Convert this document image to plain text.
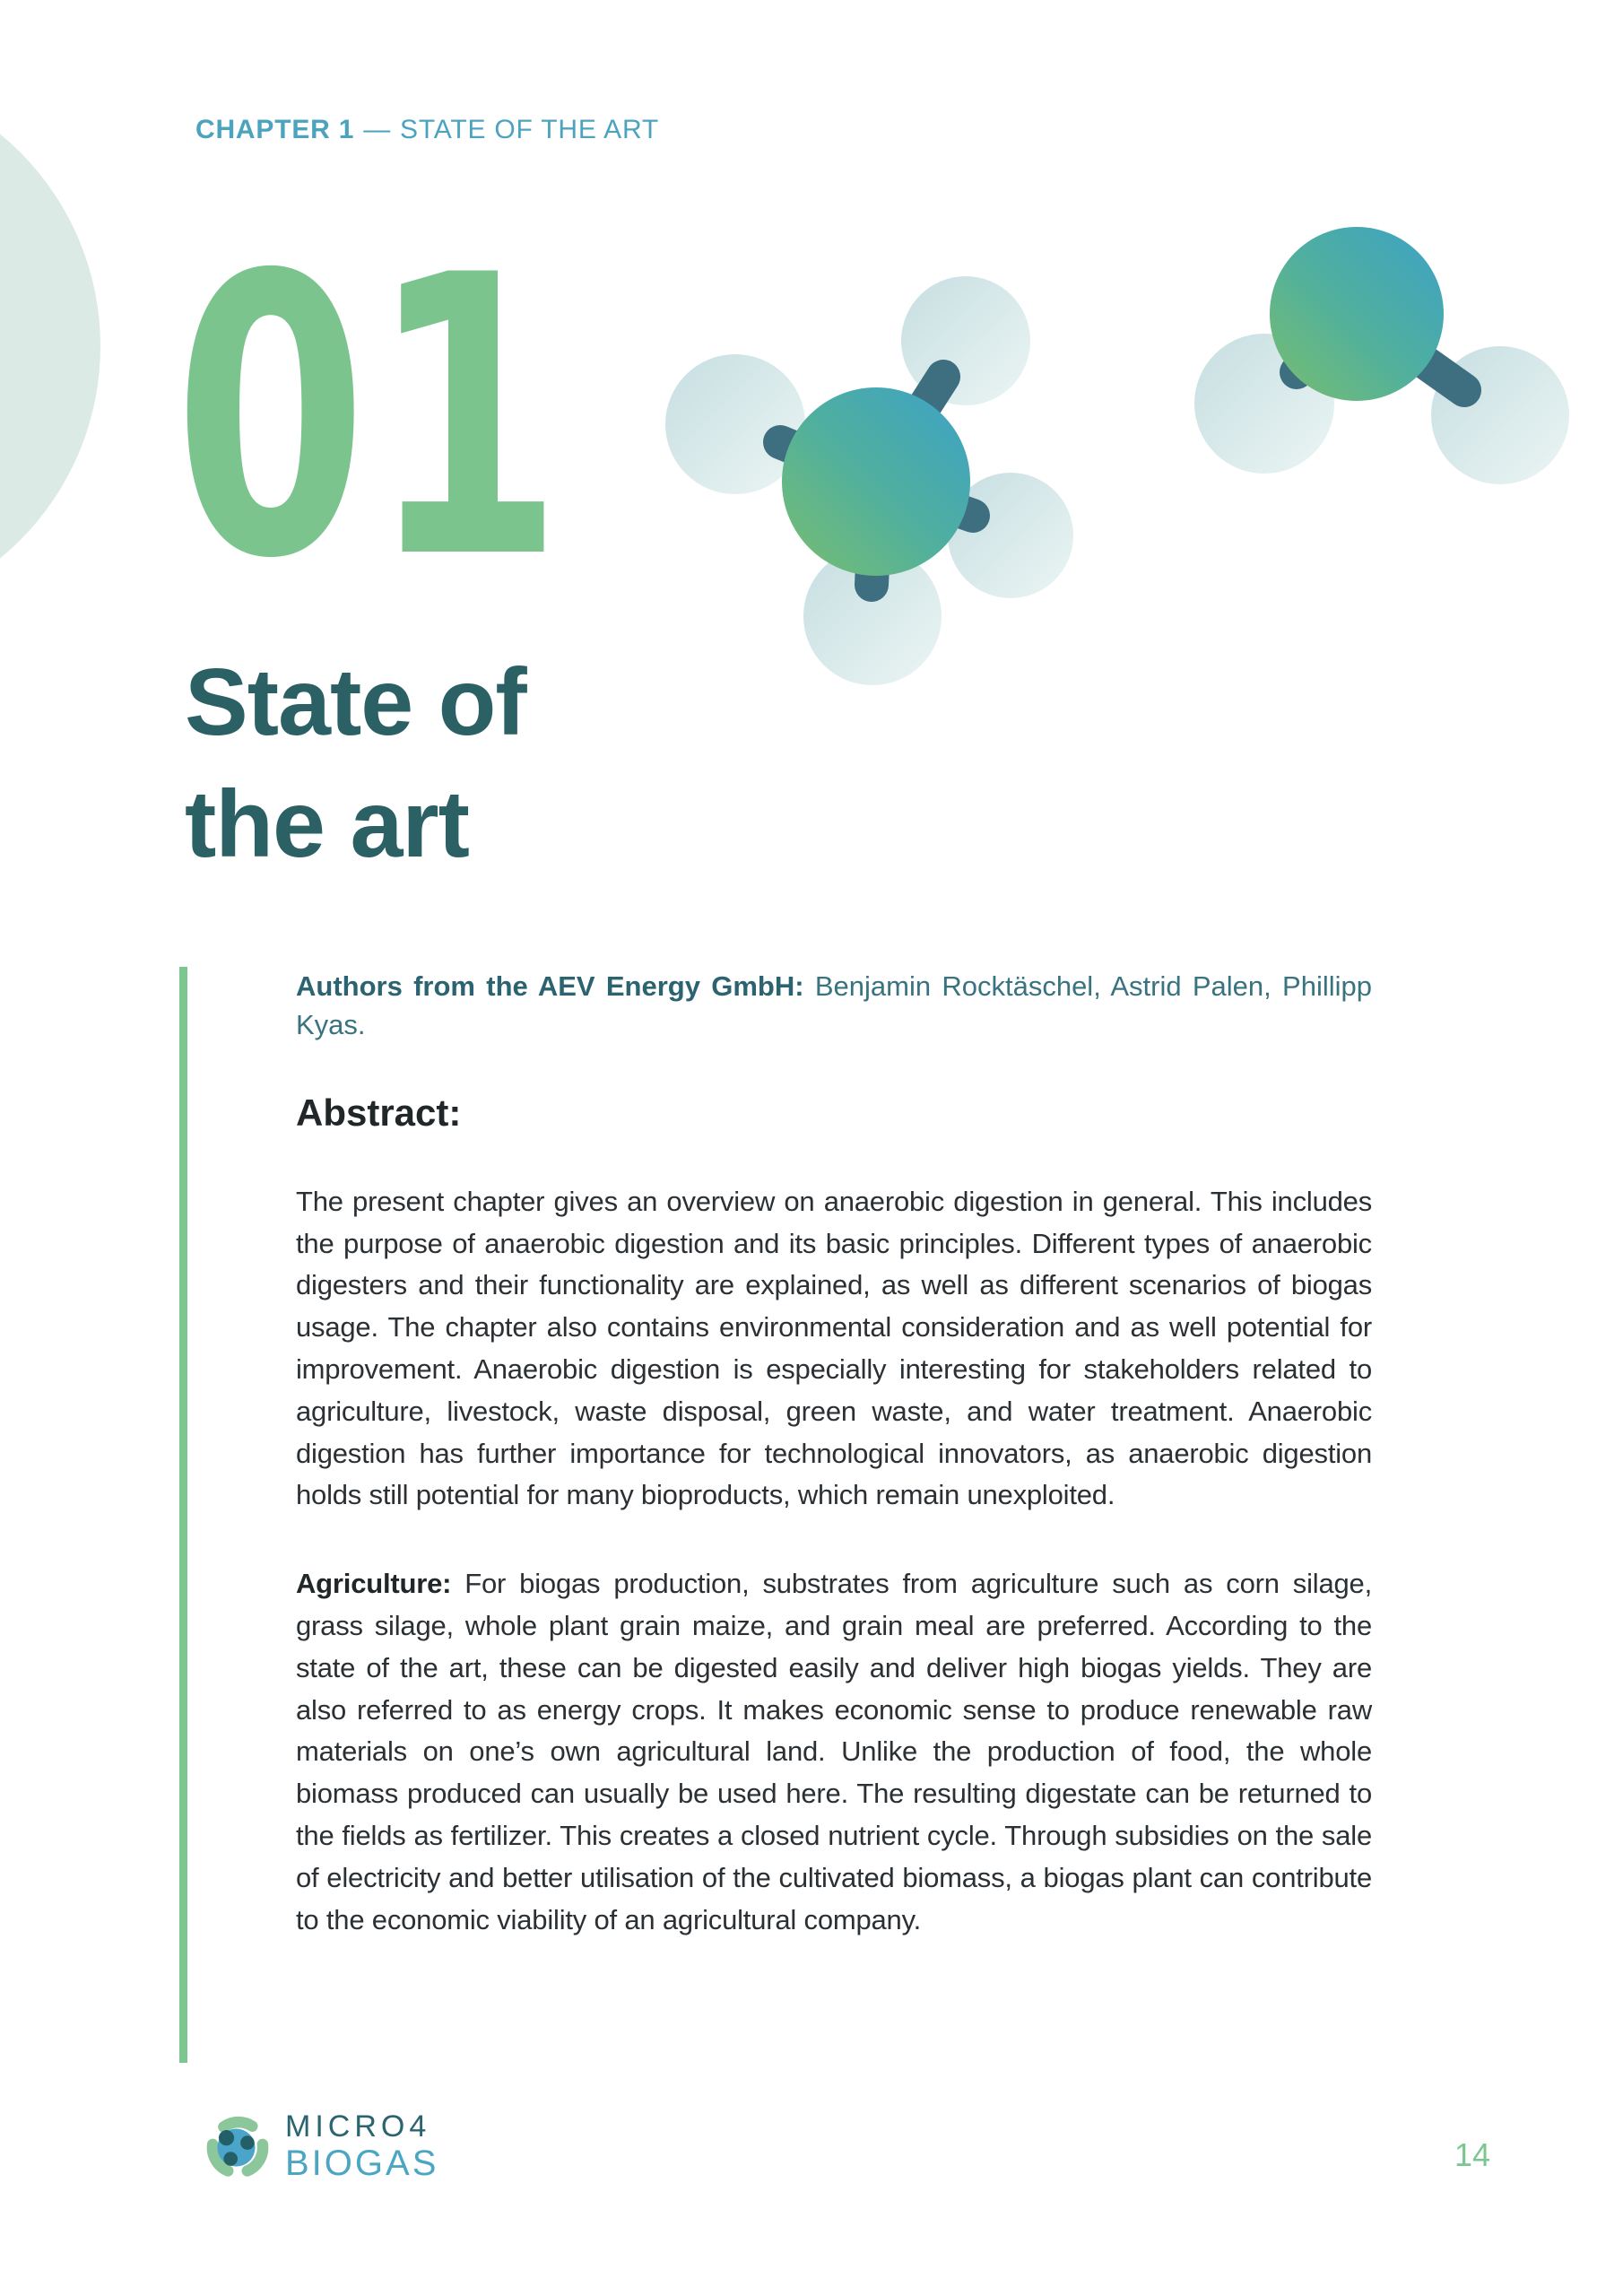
CHAPTER 1 — STATE OF THE ART
01
State of
the art

Authors from the AEV Energy GmbH: Benjamin Rocktäschel, Astrid Palen, Phillipp Kyas.

Abstract:

The present chapter gives an overview on anaerobic digestion in general. This includes the purpose of anaerobic digestion and its basic principles. Different types of anaerobic digesters and their functionality are explained, as well as different scenarios of biogas usage. The chapter also contains environmental consideration and as well potential for improvement. Anaerobic digestion is especially interesting for stakeholders related to agriculture, livestock, waste disposal, green waste, and water treatment. Anaerobic digestion has further importance for technological innovators, as anaerobic digestion holds still potential for many bioproducts, which remain unexploited.

Agriculture: For biogas production, substrates from agriculture such as corn silage, grass silage, whole plant grain maize, and grain meal are preferred. According to the state of the art, these can be digested easily and deliver high biogas yields. They are also referred to as energy crops. It makes economic sense to produce renewable raw materials on one’s own agricultural land. Unlike the production of food, the whole biomass produced can usually be used here. The resulting digestate can be returned to the fields as fertilizer. This creates a closed nutrient cycle. Through subsidies on the sale of electricity and better utilisation of the cultivated biomass, a biogas plant can contribute to the economic viability of an agricultural company.

MICRO4
BIOGAS	14
